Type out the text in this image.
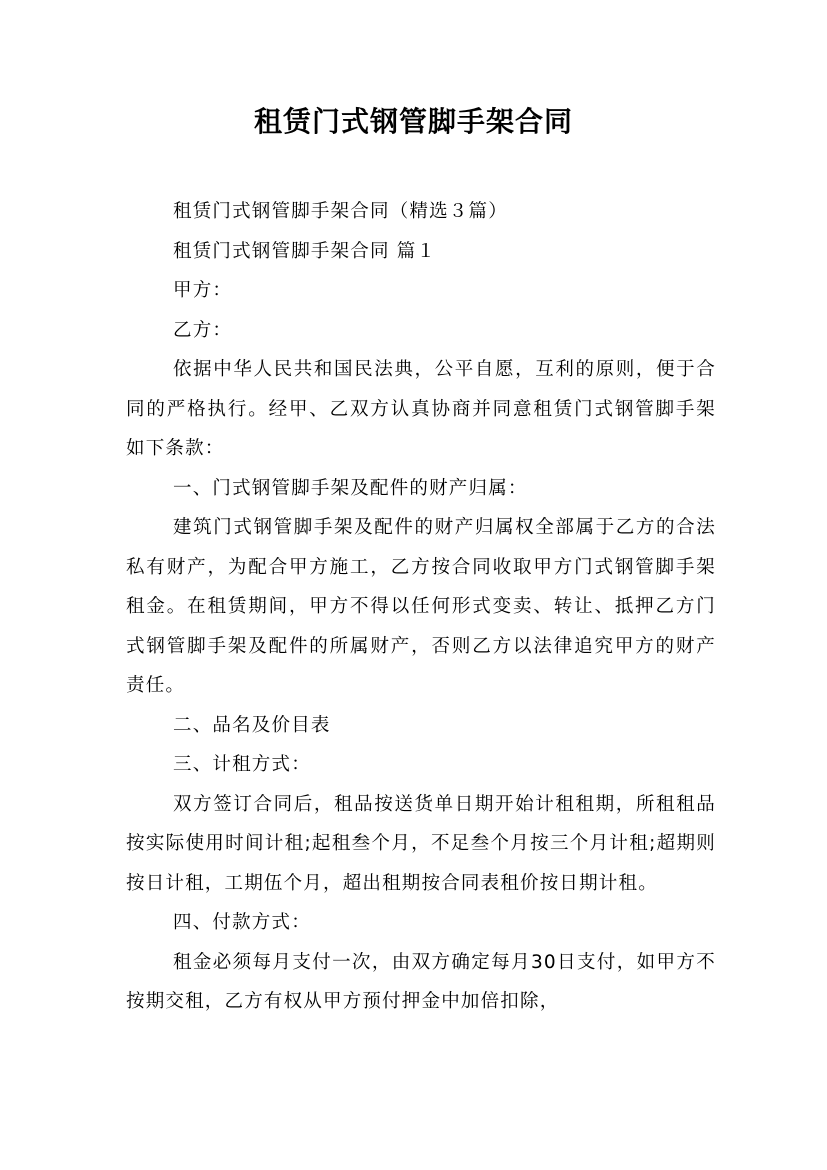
租赁门式钢管脚手架合同

租赁门式钢管脚手架合同（精选３篇）

租赁门式钢管脚手架合同 篇１

甲方：

乙方：

依据中华人民共和国民法典，公平自愿，互利的原则，便于合同的严格执行。经甲、乙双方认真协商并同意租赁门式钢管脚手架如下条款：

一、门式钢管脚手架及配件的财产归属：

建筑门式钢管脚手架及配件的财产归属权全部属于乙方的合法私有财产，为配合甲方施工，乙方按合同收取甲方门式钢管脚手架租金。在租赁期间，甲方不得以任何形式变卖、转让、抵押乙方门式钢管脚手架及配件的所属财产，否则乙方以法律追究甲方的财产责任。

二、品名及价目表

三、计租方式：

双方签订合同后，租品按送货单日期开始计租租期，所租租品按实际使用时间计租;起租叁个月，不足叁个月按三个月计租;超期则按日计租，工期伍个月，超出租期按合同表租价按日期计租。

四、付款方式：

租金必须每月支付一次，由双方确定每月30日支付，如甲方不按期交租，乙方有权从甲方预付押金中加倍扣除，
